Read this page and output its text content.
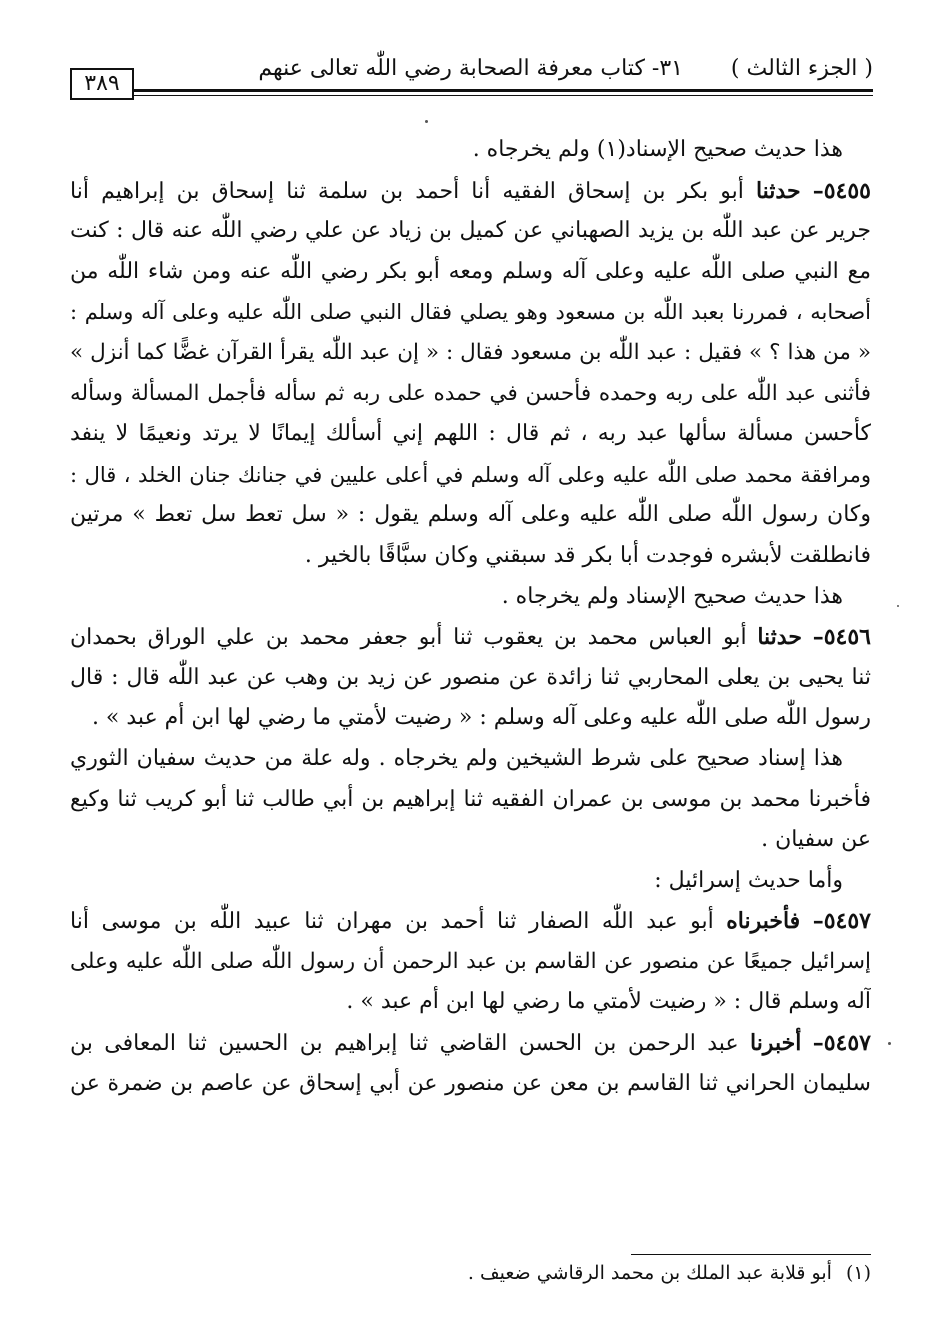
( الجزء الثالث )
٣١- كتاب معرفة الصحابة رضي اللّٰه تعالى عنهم
٣٨٩
هذا حديث صحيح الإسناد(١) ولم يخرجاه .
٥٤٥٥– حدثنا أبو بكر بن إسحاق الفقيه أنا أحمد بن سلمة ثنا إسحاق بن إبراهيم أنا
جرير عن عبد اللّٰه بن يزيد الصهباني عن كميل بن زياد عن علي رضي اللّٰه عنه قال : كنت
مع النبي صلى اللّٰه عليه وعلى آله وسلم ومعه أبو بكر رضي اللّٰه عنه ومن شاء اللّٰه من
أصحابه ، فمررنا بعبد اللّٰه بن مسعود وهو يصلي فقال النبي صلى اللّٰه عليه وعلى آله وسلم :
« من هذا ؟ » فقيل : عبد اللّٰه بن مسعود فقال : « إن عبد اللّٰه يقرأ القرآن غضًّا كما أنزل »
فأثنى عبد اللّٰه على ربه وحمده فأحسن في حمده على ربه ثم سأله فأجمل المسألة وسأله
كأحسن مسألة سألها عبد ربه ، ثم قال : اللهم إني أسألك إيمانًا لا يرتد ونعيمًا لا ينفد
ومرافقة محمد صلى اللّٰه عليه وعلى آله وسلم في أعلى عليين في جنانك جنان الخلد ، قال :
وكان رسول اللّٰه صلى اللّٰه عليه وعلى آله وسلم يقول : « سل تعط سل تعط » مرتين
فانطلقت لأبشره فوجدت أبا بكر قد سبقني وكان سبَّاقًا بالخير .
هذا حديث صحيح الإسناد ولم يخرجاه .
٥٤٥٦– حدثنا أبو العباس محمد بن يعقوب ثنا أبو جعفر محمد بن علي الوراق بحمدان
ثنا يحيى بن يعلى المحاربي ثنا زائدة عن منصور عن زيد بن وهب عن عبد اللّٰه قال : قال
رسول اللّٰه صلى اللّٰه عليه وعلى آله وسلم : « رضيت لأمتي ما رضي لها ابن أم عبد » .
هذا إسناد صحيح على شرط الشيخين ولم يخرجاه . وله علة من حديث سفيان الثوري
فأخبرنا محمد بن موسى بن عمران الفقيه ثنا إبراهيم بن أبي طالب ثنا أبو كريب ثنا وكيع
عن سفيان .
وأما حديث إسرائيل :
٥٤٥٧– فأخبرناه أبو عبد اللّٰه الصفار ثنا أحمد بن مهران ثنا عبيد اللّٰه بن موسى أنا
إسرائيل جميعًا عن منصور عن القاسم بن عبد الرحمن أن رسول اللّٰه صلى اللّٰه عليه وعلى
آله وسلم قال : « رضيت لأمتي ما رضي لها ابن أم عبد » .
٥٤٥٧– أخبرنا عبد الرحمن بن الحسن القاضي ثنا إبراهيم بن الحسين ثنا المعافى بن
سليمان الحراني ثنا القاسم بن معن عن منصور عن أبي إسحاق عن عاصم بن ضمرة عن
(١)أبو قلابة عبد الملك بن محمد الرقاشي ضعيف .
